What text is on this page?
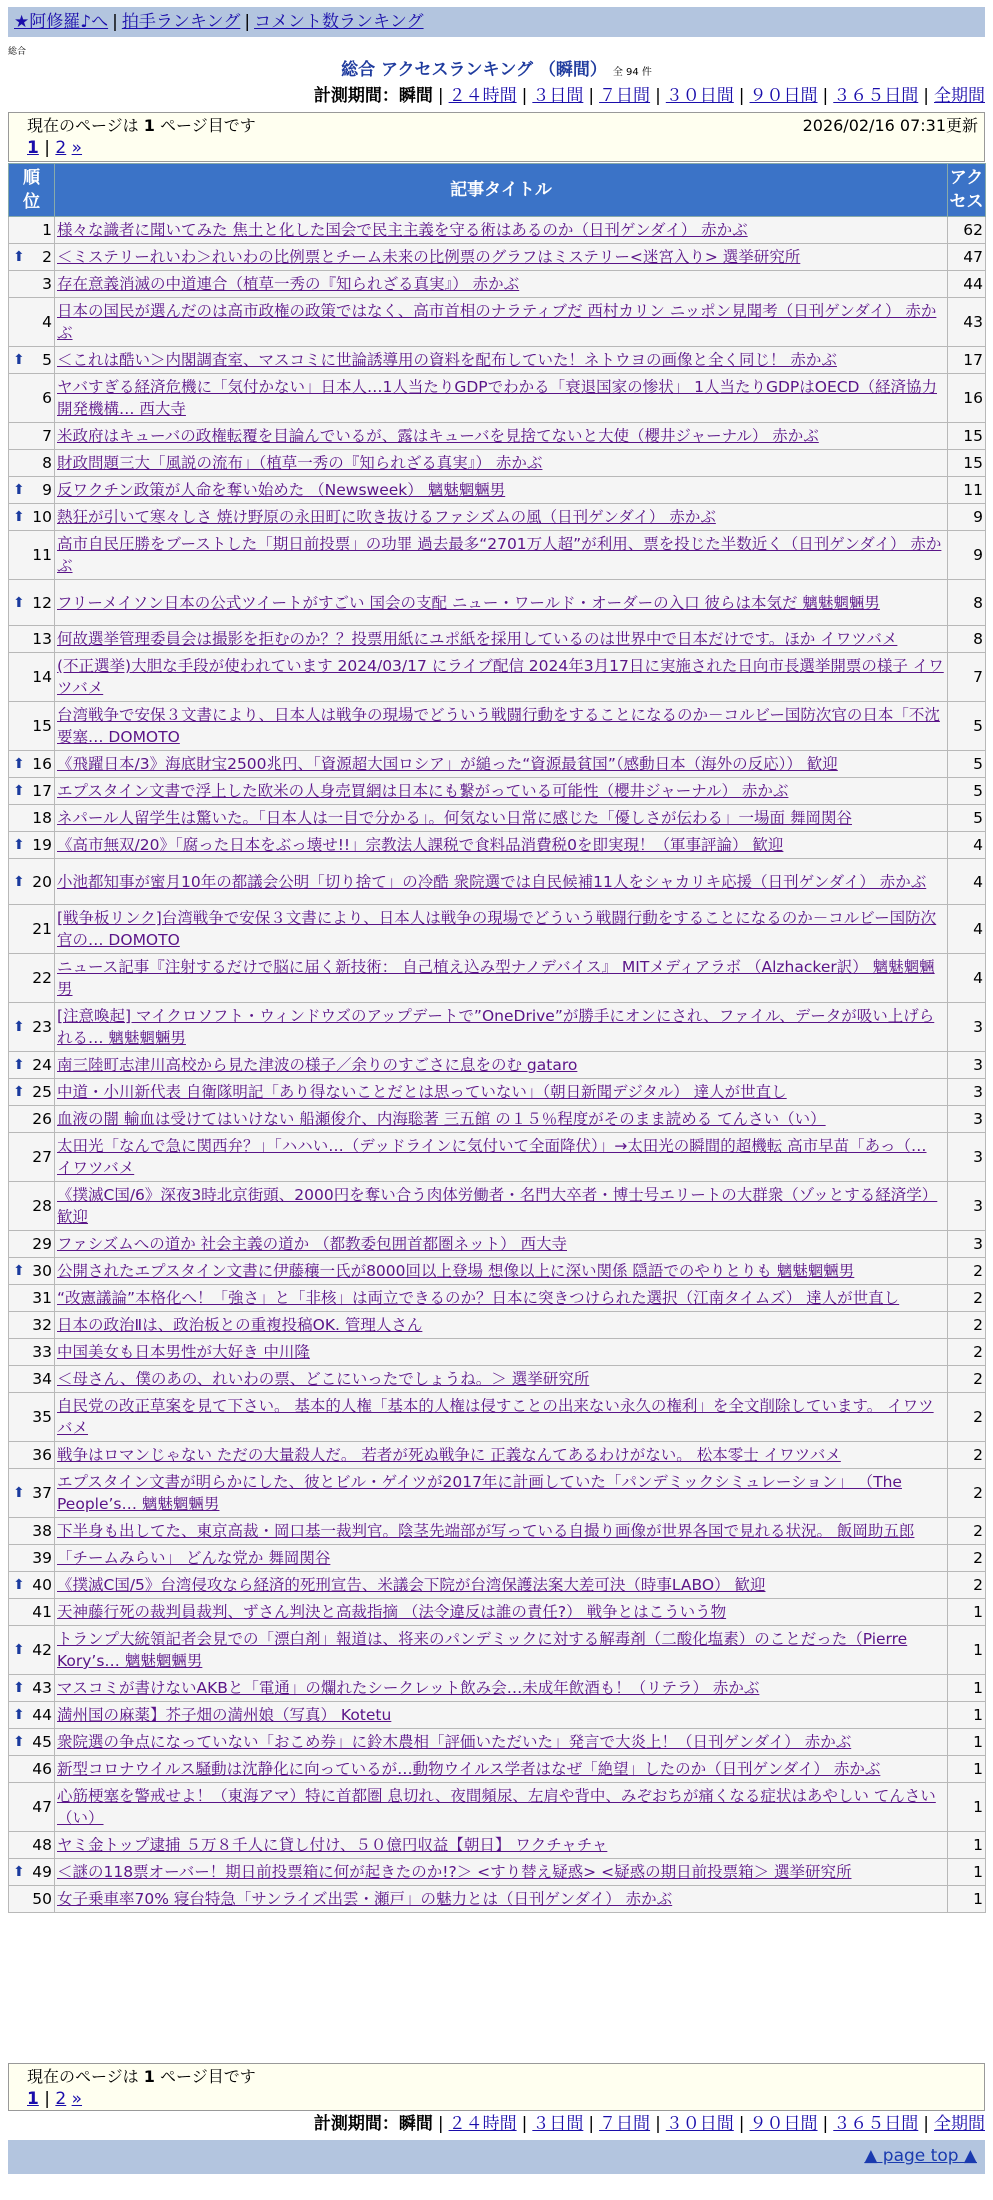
★阿修羅♪へ | 拍手ランキング | コメント数ランキング
総合
総合 アクセスランキング （瞬間） 全 94 件
計測期間：瞬間 | ２４時間 | ３日間 | ７日間 | ３０日間 | ９０日間 | ３６５日間 | 全期間
現在のページは 1 ページ目です	2026/02/16 07:31更新
1 | 2 »
順位	記事タイトル	アクセス
1	様々な識者に聞いてみた 焦土と化した国会で民主主義を守る術はあるのか（日刊ゲンダイ） 赤かぶ	62

⬆ 2	＜ミステリーれいわ＞れいわの比例票とチーム未来の比例票のグラフはミステリー<迷宮入り> 選挙研究所	47
3	存在意義消滅の中道連合（植草一秀の『知られざる真実』） 赤かぶ	44
4	日本の国民が選んだのは高市政権の政策ではなく、高市首相のナラティブだ 西村カリン ニッポン見聞考（日刊ゲンダイ） 赤かぶ	43

⬆ 5	＜これは酷い＞内閣調査室、マスコミに世論誘導用の資料を配布していた！ネトウヨの画像と全く同じ！ 赤かぶ	17
6	ヤバすぎる経済危機に「気付かない」日本人…1人当たりGDPでわかる「衰退国家の惨状」 1人当たりGDPはOECD（経済協力開発機構… 西大寺	16
7	米政府はキューバの政権転覆を目論んでいるが、露はキューバを見捨てないと大使（櫻井ジャーナル） 赤かぶ	15
8	財政問題三大「風説の流布」（植草一秀の『知られざる真実』） 赤かぶ	15

⬆ 9	反ワクチン政策が人命を奪い始めた （Newsweek） 魑魅魍魎男	11

⬆ 10	熱狂が引いて寒々しさ 焼け野原の永田町に吹き抜けるファシズムの風（日刊ゲンダイ） 赤かぶ	9
11	高市自民圧勝をブーストした「期日前投票」の功罪 過去最多“2701万人超”が利用、票を投じた半数近く（日刊ゲンダイ） 赤かぶ	9

⬆ 12	フリーメイソン日本の公式ツイートがすごい 国会の支配 ニュー・ワールド・オーダーの入口 彼らは本気だ 魑魅魍魎男	8
13	何故選挙管理委員会は撮影を拒むのか？？投票用紙にユポ紙を採用しているのは世界中で日本だけです。ほか イワツバメ	8
14	(不正選挙)大胆な手段が使われています 2024/03/17 にライブ配信 2024年3月17日に実施された日向市長選挙開票の様子 イワツバメ	7
15	台湾戦争で安保３文書により、日本人は戦争の現場でどういう戦闘行動をすることになるのか－コルビー国防次官の日本「不沈要塞… DOMOTO	5

⬆ 16	《飛躍日本/3》海底財宝2500兆円、「資源超大国ロシア」が縋った“資源最貧国”（感動日本（海外の反応）） 歓迎	5

⬆ 17	エプスタイン文書で浮上した欧米の人身売買網は日本にも繋がっている可能性（櫻井ジャーナル） 赤かぶ	5
18	ネパール人留学生は驚いた。「日本人は一目で分かる」。何気ない日常に感じた「優しさが伝わる」一場面 舞岡関谷	5

⬆ 19	《高市無双/20》「腐った日本をぶっ壊せ!!」宗教法人課税で食料品消費税0を即実現！（軍事評論） 歓迎	4

⬆ 20	小池都知事が蜜月10年の都議会公明「切り捨て」の冷酷 衆院選では自民候補11人をシャカリキ応援（日刊ゲンダイ） 赤かぶ	4
21	[戦争板リンク]台湾戦争で安保３文書により、日本人は戦争の現場でどういう戦闘行動をすることになるのか－コルビー国防次官の… DOMOTO	4
22	ニュース記事『注射するだけで脳に届く新技術： 自己植え込み型ナノデバイス』 MITメディアラボ （Alzhacker訳） 魑魅魍魎男	4

⬆ 23	[注意喚起] マイクロソフト・ウィンドウズのアップデートで”OneDrive”が勝手にオンにされ、ファイル、データが吸い上げられる… 魑魅魍魎男	3

⬆ 24	南三陸町志津川高校から見た津波の様子／余りのすごさに息をのむ gataro	3

⬆ 25	中道・小川新代表 自衛隊明記「あり得ないことだとは思っていない」（朝日新聞デジタル） 達人が世直し	3
26	血液の闇 輸血は受けてはいけない 船瀬俊介、内海聡著 三五館 の１５％程度がそのまま読める てんさい（い）	3
27	太田光「なんで急に関西弁？」「ハハい…（デッドラインに気付いて全面降伏）」→太田光の瞬間的超機転 高市早苗「あっ（… イワツバメ	3
28	《撲滅C国/6》深夜3時北京街頭、2000円を奪い合う肉体労働者・名門大卒者・博士号エリートの大群衆（ゾッとする経済学） 歓迎	3
29	ファシズムへの道か 社会主義の道か （都教委包囲首都圏ネット） 西大寺	3

⬆ 30	公開されたエプスタイン文書に伊藤穰一氏が8000回以上登場 想像以上に深い関係 隠語でのやりとりも 魑魅魍魎男	2
31	“改憲議論”本格化へ！「強さ」と「非核」は両立できるのか？日本に突きつけられた選択（江南タイムズ） 達人が世直し	2
32	日本の政治Ⅱは、政治板との重複投稿OK. 管理人さん	2
33	中国美女も日本男性が大好き 中川隆	2
34	＜母さん、僕のあの、れいわの票、どこにいったでしょうね。＞ 選挙研究所	2
35	自民党の改正草案を見て下さい。 基本的人権「基本的人権は侵すことの出来ない永久の権利」を全文削除しています。 イワツバメ	2
36	戦争はロマンじゃない ただの大量殺人だ。 若者が死ぬ戦争に 正義なんてあるわけがない。 松本零士 イワツバメ	2

⬆ 37	エプスタイン文書が明らかにした、彼とビル・ゲイツが2017年に計画していた「パンデミックシミュレーション」 （The People’s… 魑魅魍魎男	2
38	下半身も出してた、東京高裁・岡口基一裁判官。陰茎先端部が写っている自撮り画像が世界各国で見れる状況。 飯岡助五郎	2
39	「チームみらい」 どんな党か 舞岡関谷	2

⬆ 40	《撲滅C国/5》台湾侵攻なら経済的死刑宣告、米議会下院が台湾保護法案大差可決（時事LABO） 歓迎	2
41	天神藤行死の裁判員裁判、ずさん判決と高裁指摘 （法令違反は誰の責任?） 戦争とはこういう物	1

⬆ 42	トランプ大統領記者会見での「漂白剤」報道は、将来のパンデミックに対する解毒剤（二酸化塩素）のことだった（Pierre Kory’s… 魑魅魍魎男	1

⬆ 43	マスコミが書けないAKBと「電通」の爛れたシークレット飲み会…未成年飲酒も！（リテラ） 赤かぶ	1

⬆ 44	満州国の麻薬】芥子畑の満州娘（写真） Kotetu	1

⬆ 45	衆院選の争点になっていない「おこめ券」に鈴木農相「評価いただいた」発言で大炎上！（日刊ゲンダイ） 赤かぶ	1
46	新型コロナウイルス騒動は沈静化に向っているが…動物ウイルス学者はなぜ「絶望」したのか（日刊ゲンダイ） 赤かぶ	1
47	心筋梗塞を警戒せよ！（東海アマ）特に首都圏 息切れ、夜間頻尿、左肩や背中、みぞおちが痛くなる症状はあやしい てんさい（い）	1
48	ヤミ金トップ逮捕 ５万８千人に貸し付け、５０億円収益【朝日】 ワクチャチャ	1

⬆ 49	＜謎の118票オーバー！期日前投票箱に何が起きたのか!?＞ <すり替え疑惑> <疑惑の期日前投票箱＞ 選挙研究所	1
50	女子乗車率70% 寝台特急「サンライズ出雲・瀬戸」の魅力とは（日刊ゲンダイ） 赤かぶ	1
現在のページは 1 ページ目です
1 | 2 »
計測期間：瞬間 | ２４時間 | ３日間 | ７日間 | ３０日間 | ９０日間 | ３６５日間 | 全期間
▲ page top ▲
